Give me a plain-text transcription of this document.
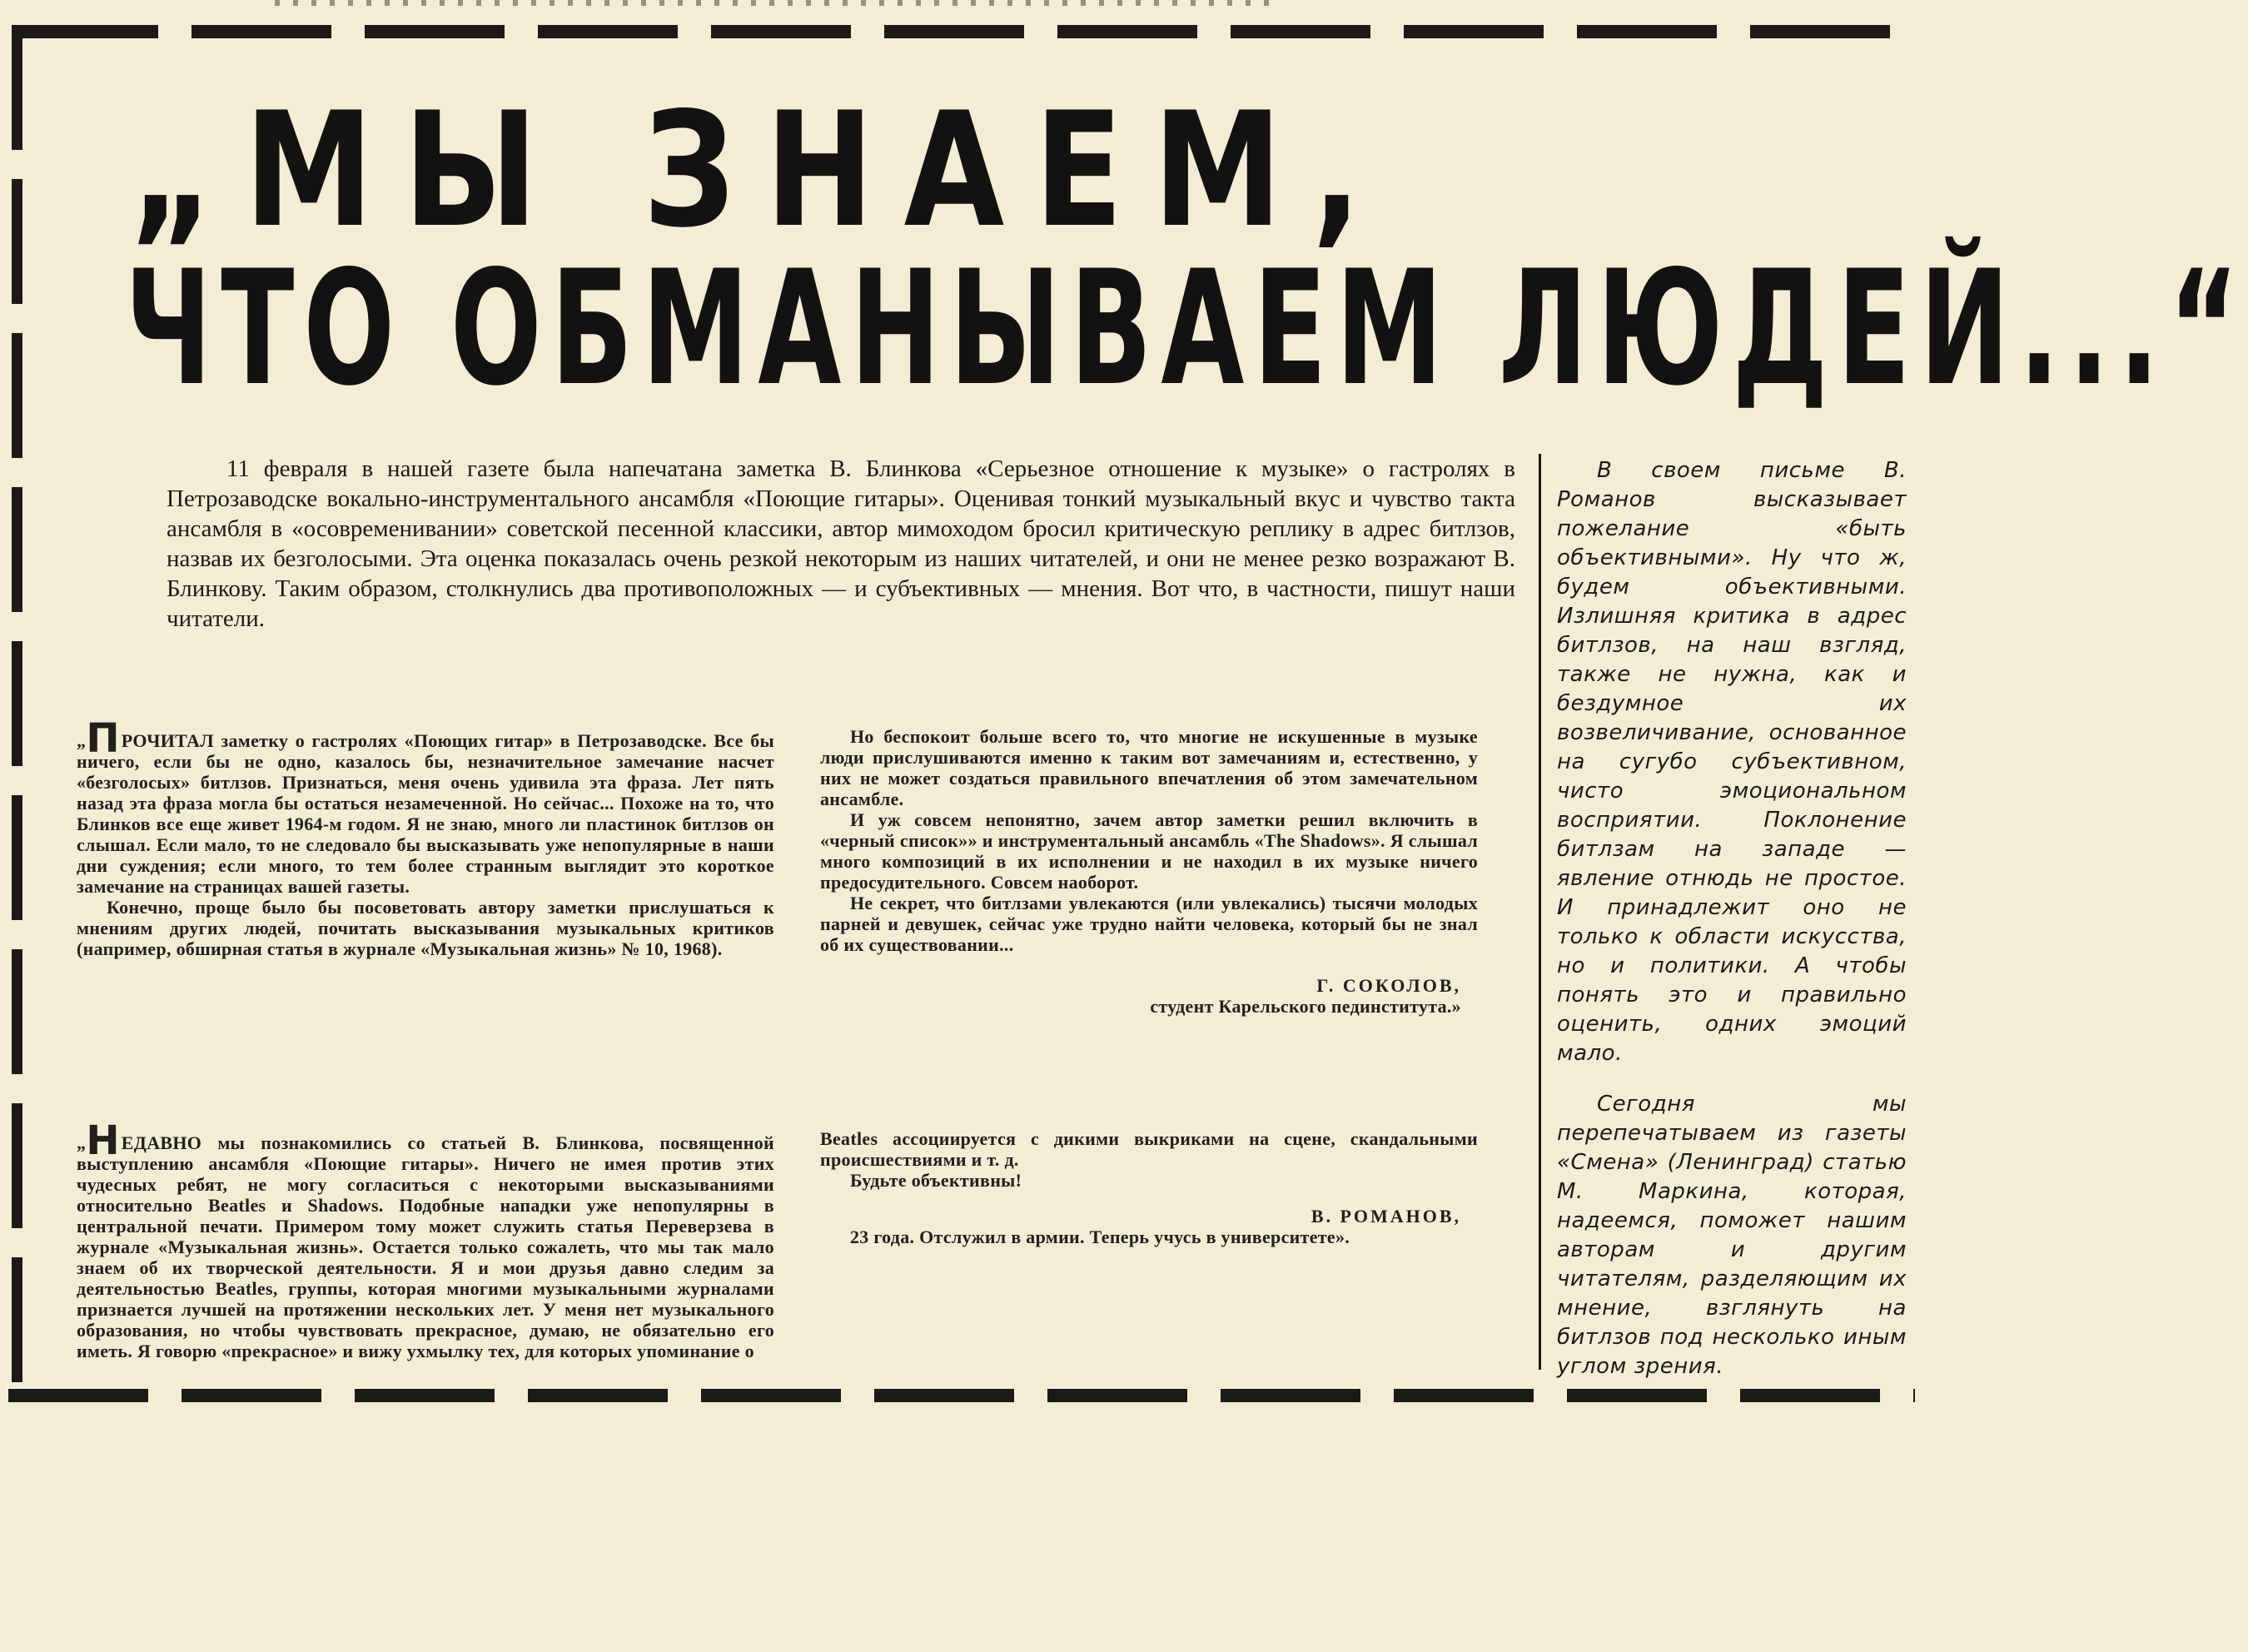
„МЫ ЗНАЕМ,
ЧТО ОБМАНЫВАЕМ ЛЮДЕЙ...“

11 февраля в нашей газете была напечатана заметка В. Блинкова «Серьезное отношение к музыке» о гастролях в Петрозаводске вокально-инструментального ансамбля «Поющие гитары». Оценивая тонкий музыкальный вкус и чувство такта ансамбля в «осовременивании» советской песенной классики, автор мимоходом бросил критическую реплику в адрес битлзов, назвав их безголосыми. Эта оценка показалась очень резкой некоторым из наших читателей, и они не менее резко возражают В. Блинкову. Таким образом, столкнулись два противоположных — и субъективных — мнения. Вот что, в частности, пишут наши читатели.

В своем письме В. Романов высказывает пожелание «быть объективными». Ну что ж, будем объективными. Излишняя критика в адрес битлзов, на наш взгляд, также не нужна, как и бездумное их возвеличивание, основанное на сугубо субъективном, чисто эмоциональном восприятии. Поклонение битлзам на западе — явление отнюдь не простое. И принадлежит оно не только к области искусства, но и политики. А чтобы понять это и правильно оценить, одних эмоций мало.

Сегодня мы перепечатываем из газеты «Смена» (Ленинград) статью М. Маркина, которая, надеемся, поможет нашим авторам и другим читателям, разделяющим их мнение, взглянуть на битлзов под несколько иным углом зрения.

„ПРОЧИТАЛ заметку о гастролях «Поющих гитар» в Петрозаводске. Все бы ничего, если бы не одно, казалось бы, незначительное замечание насчет «безголосых» битлзов. Признаться, меня очень удивила эта фраза. Лет пять назад эта фраза могла бы остаться незамеченной. Но сейчас... Похоже на то, что Блинков все еще живет 1964-м годом. Я не знаю, много ли пластинок битлзов он слышал. Если мало, то не следовало бы высказывать уже непопулярные в наши дни суждения; если много, то тем более странным выглядит это короткое замечание на страницах вашей газеты.

Конечно, проще было бы посоветовать автору заметки прислушаться к мнениям других людей, почитать высказывания музыкальных критиков (например, обширная статья в журнале «Музыкальная жизнь» № 10, 1968).

Но беспокоит больше всего то, что многие не искушенные в музыке люди прислушиваются именно к таким вот замечаниям и, естественно, у них не может создаться правильного впечатления об этом замечательном ансамбле.

И уж совсем непонятно, зачем автор заметки решил включить в «черный список»» и инструментальный ансамбль «The Shadows». Я слышал много композиций в их исполнении и не находил в их музыке ничего предосудительного. Совсем наоборот.

Не секрет, что битлзами увлекаются (или увлекались) тысячи молодых парней и девушек, сейчас уже трудно найти человека, который бы не знал об их существовании...

Г. СОКОЛОВ,
студент Карельского пединститута.»

„НЕДАВНО мы познакомились со статьей В. Блинкова, посвященной выступлению ансамбля «Поющие гитары». Ничего не имея против этих чудесных ребят, не могу согласиться с некоторыми высказываниями относительно Beatles и Shadows. Подобные нападки уже непопулярны в центральной печати. Примером тому может служить статья Переверзева в журнале «Музыкальная жизнь». Остается только сожалеть, что мы так мало знаем об их творческой деятельности. Я и мои друзья давно следим за деятельностью Beatles, группы, которая многими музыкальными журналами признается лучшей на протяжении нескольких лет. У меня нет музыкального образования, но чтобы чувствовать прекрасное, думаю, не обязательно его иметь. Я говорю «прекрасное» и вижу ухмылку тех, для которых упоминание о

Будьте объективны!

В. РОМАНОВ,

23 года. Отслужил в армии. Теперь учусь в университете».

Beatles ассоциируется с дикими выкриками на сцене, скандальными происшествиями и т. д.
